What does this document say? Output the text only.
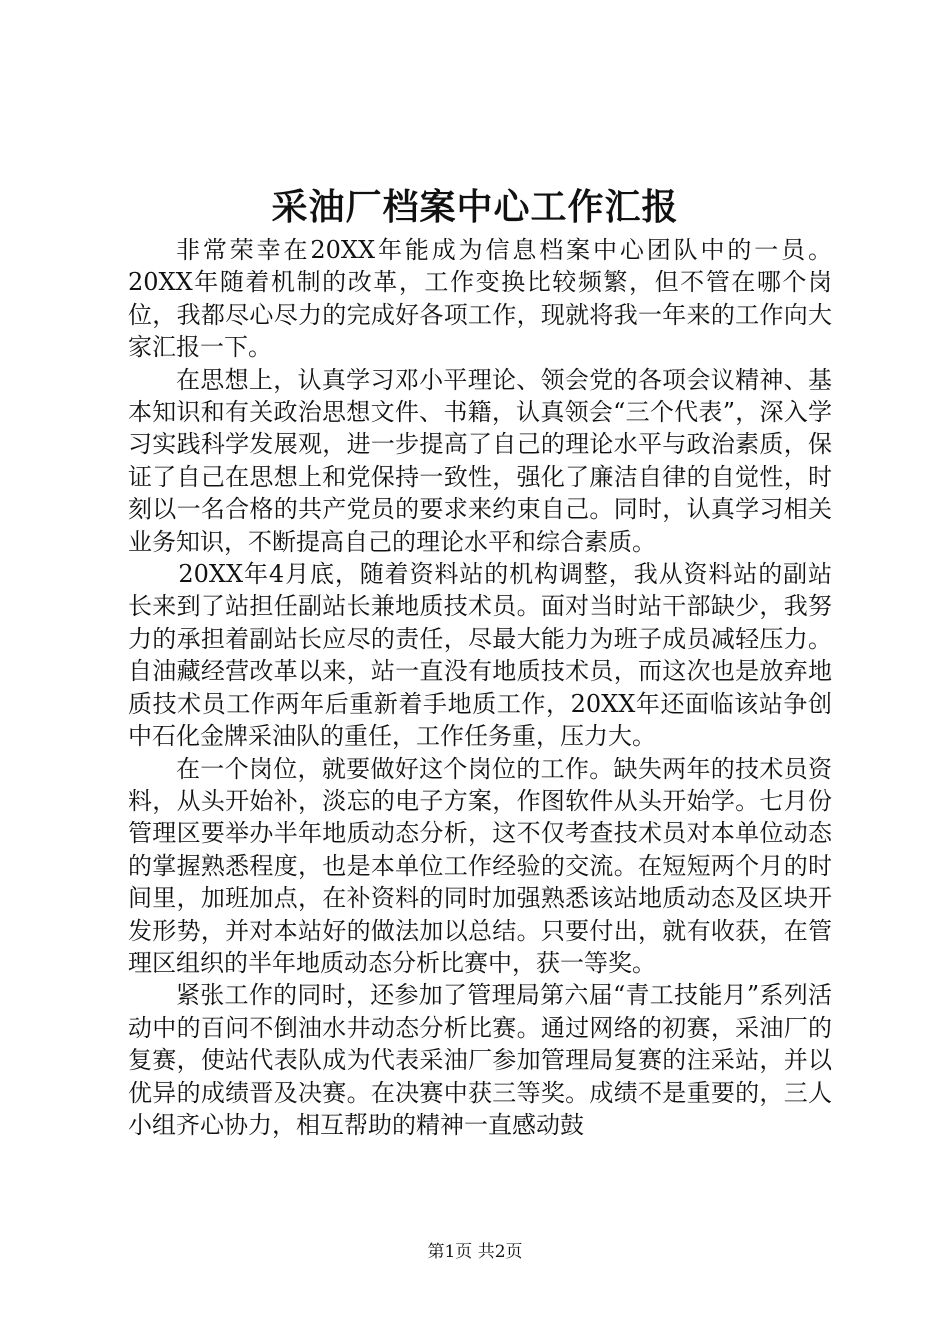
采油厂档案中心工作汇报

非常荣幸在20XX年能成为信息档案中心团队中的一员。20XX年随着机制的改革，工作变换比较频繁，但不管在哪个岗位，我都尽心尽力的完成好各项工作，现就将我一年来的工作向大家汇报一下。

在思想上，认真学习邓小平理论、领会党的各项会议精神、基本知识和有关政治思想文件、书籍，认真领会“三个代表”，深入学习实践科学发展观，进一步提高了自己的理论水平与政治素质，保证了自己在思想上和党保持一致性，强化了廉洁自律的自觉性，时刻以一名合格的共产党员的要求来约束自己。同时，认真学习相关业务知识，不断提高自己的理论水平和综合素质。

20XX年4月底，随着资料站的机构调整，我从资料站的副站长来到了站担任副站长兼地质技术员。面对当时站干部缺少，我努力的承担着副站长应尽的责任，尽最大能力为班子成员减轻压力。自油藏经营改革以来，站一直没有地质技术员，而这次也是放弃地质技术员工作两年后重新着手地质工作，20XX年还面临该站争创中石化金牌采油队的重任，工作任务重，压力大。

在一个岗位，就要做好这个岗位的工作。缺失两年的技术员资料，从头开始补，淡忘的电子方案，作图软件从头开始学。七月份管理区要举办半年地质动态分析，这不仅考查技术员对本单位动态的掌握熟悉程度，也是本单位工作经验的交流。在短短两个月的时间里，加班加点，在补资料的同时加强熟悉该站地质动态及区块开发形势，并对本站好的做法加以总结。只要付出，就有收获，在管理区组织的半年地质动态分析比赛中，获一等奖。

紧张工作的同时，还参加了管理局第六届“青工技能月”系列活动中的百问不倒油水井动态分析比赛。通过网络的初赛，采油厂的复赛，使站代表队成为代表采油厂参加管理局复赛的注采站，并以优异的成绩晋及决赛。在决赛中获三等奖。成绩不是重要的，三人小组齐心协力，相互帮助的精神一直感动鼓

第1页 共2页
